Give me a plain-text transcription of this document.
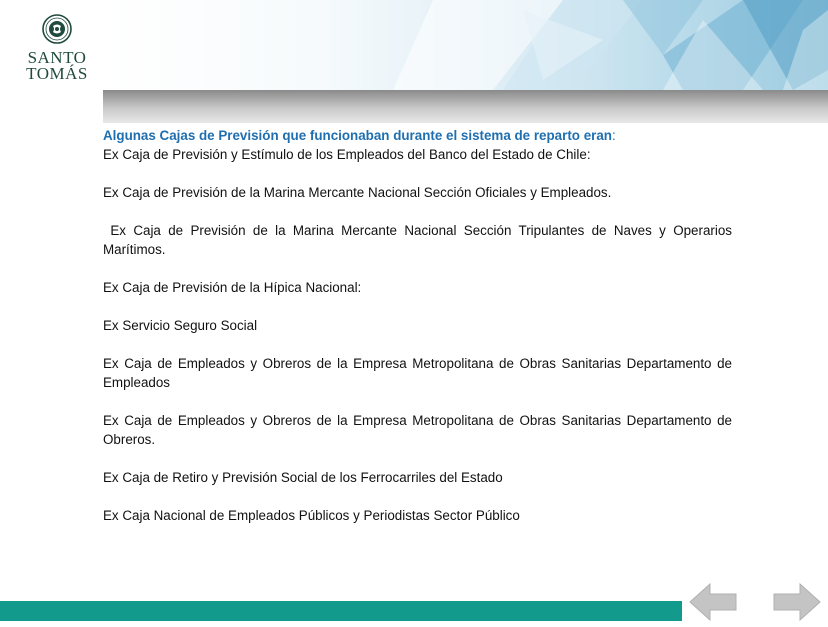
SANTO
TOMÁS

Algunas Cajas de Previsión que funcionaban durante el sistema de reparto eran:

Ex Caja de Previsión y Estímulo de los Empleados del Banco del Estado de Chile:

Ex Caja de Previsión de la Marina Mercante Nacional Sección Oficiales y Empleados.

Ex Caja de Previsión de la Marina Mercante Nacional Sección Tripulantes de Naves y Operarios Marítimos.

Ex Caja de Previsión de la Hípica Nacional:

Ex Servicio Seguro Social

Ex Caja de Empleados y Obreros de la Empresa Metropolitana de Obras Sanitarias Departamento de Empleados

Ex Caja de Empleados y Obreros de la Empresa Metropolitana de Obras Sanitarias Departamento de Obreros.

Ex Caja de Retiro y Previsión Social de los Ferrocarriles del Estado

Ex Caja Nacional de Empleados Públicos y Periodistas Sector Público
